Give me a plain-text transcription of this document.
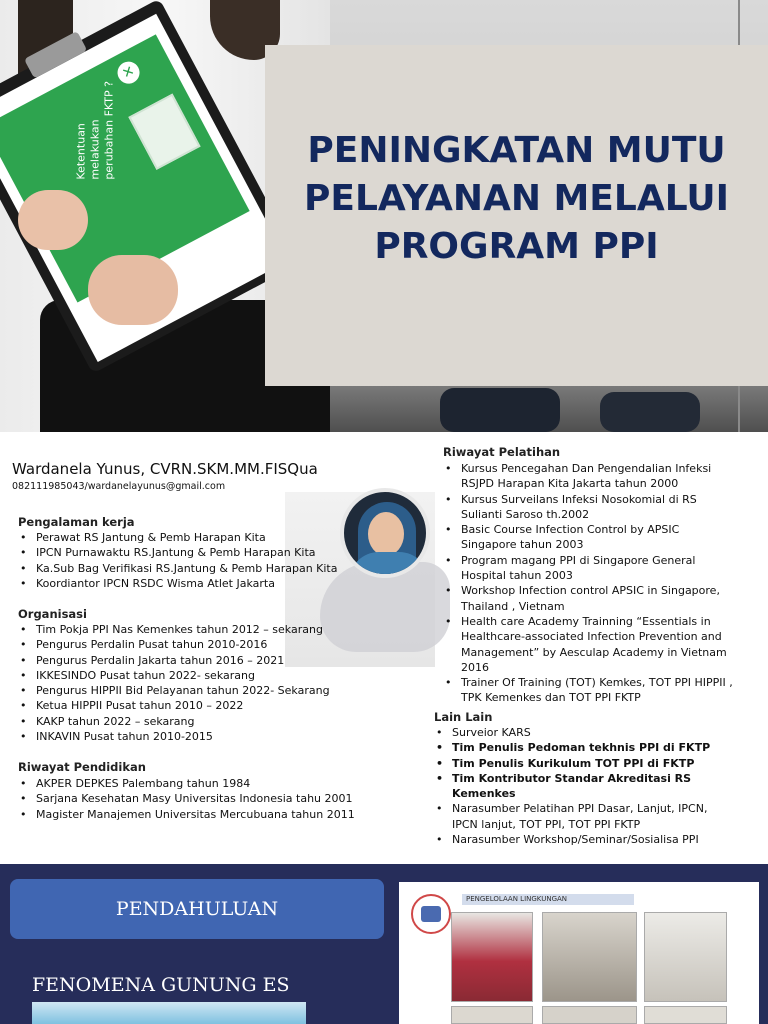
Ketentuan melakukan perubahan FKTP ?
✕
PENINGKATAN MUTU PELAYANAN MELALUI PROGRAM PPI
Wardanela Yunus, CVRN.SKM.MM.FISQua
082111985043/wardanelayunus@gmail.com
Pengalaman kerja
• Perawat RS Jantung & Pemb Harapan Kita
• IPCN Purnawaktu RS.Jantung & Pemb Harapan Kita
• Ka.Sub Bag Verifikasi RS.Jantung & Pemb Harapan Kita
• Koordiantor IPCN RSDC Wisma Atlet Jakarta
Organisasi
• Tim Pokja PPI Nas Kemenkes tahun 2012 – sekarang
• Pengurus Perdalin Pusat tahun 2010-2016
• Pengurus Perdalin Jakarta tahun 2016 – 2021
• IKKESINDO Pusat tahun 2022- sekarang
• Pengurus HIPPII Bid Pelayanan tahun 2022- Sekarang
• Ketua HIPPII Pusat tahun 2010 – 2022
• KAKP tahun 2022 – sekarang
• INKAVIN Pusat tahun 2010-2015
Riwayat Pendidikan
• AKPER DEPKES Palembang tahun 1984
• Sarjana Kesehatan Masy Universitas Indonesia tahu 2001
• Magister Manajemen Universitas Mercubuana tahun 2011
Riwayat Pelatihan
• Kursus Pencegahan Dan Pengendalian Infeksi RSJPD Harapan Kita Jakarta tahun 2000
• Kursus Surveilans Infeksi Nosokomial di RS Sulianti Saroso th.2002
• Basic Course Infection Control by APSIC Singapore tahun 2003
• Program magang PPI di Singapore General Hospital tahun 2003
• Workshop Infection control APSIC in Singapore, Thailand , Vietnam
• Health care Academy Trainning “Essentials in Healthcare-associated Infection Prevention and Management” by Aesculap Academy in Vietnam 2016
• Trainer Of Training (TOT) Kemkes, TOT PPI HIPPII , TPK Kemenkes dan TOT PPI FKTP
Lain Lain
• Surveior KARS
• Tim Penulis Pedoman tekhnis PPI di FKTP
• Tim Penulis Kurikulum TOT PPI di FKTP
• Tim Kontributor Standar Akreditasi RS Kemenkes
• Narasumber Pelatihan PPI Dasar, Lanjut, IPCN, IPCN lanjut, TOT PPI, TOT PPI FKTP
• Narasumber Workshop/Seminar/Sosialisa PPI
PENDAHULUAN
FENOMENA GUNUNG ES
PENGELOLAAN LINGKUNGAN
